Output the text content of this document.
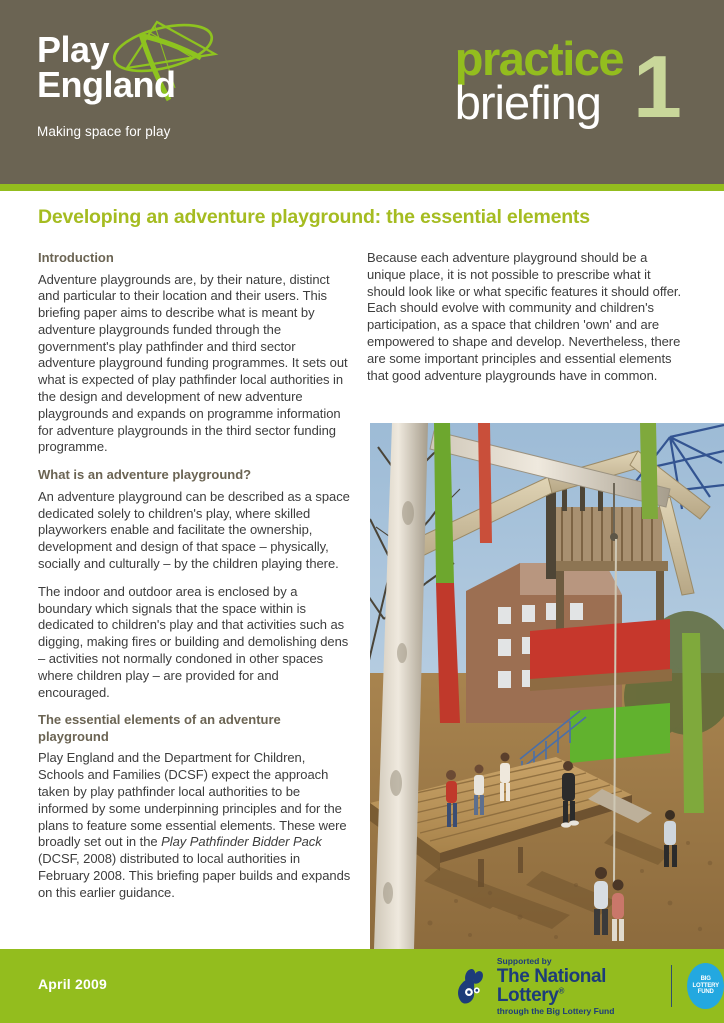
Play
England
Making space for play
practice
briefing 1
Developing an adventure playground: the essential elements
Introduction

Adventure playgrounds are, by their nature, distinct and particular to their location and their users. This briefing paper aims to describe what is meant by adventure playgrounds funded through the government's play pathfinder and third sector adventure playground funding programmes. It sets out what is expected of play pathfinder local authorities in the design and development of new adventure playgrounds and expands on programme information for adventure playgrounds in the third sector funding programme.

What is an adventure playground?

An adventure playground can be described as a space dedicated solely to children's play, where skilled playworkers enable and facilitate the ownership, development and design of that space – physically, socially and culturally – by the children playing there.

The indoor and outdoor area is enclosed by a boundary which signals that the space within is dedicated to children's play and that activities such as digging, making fires or building and demolishing dens – activities not normally condoned in other spaces where children play – are provided for and encouraged.

The essential elements of an adventure playground

Play England and the Department for Children, Schools and Families (DCSF) expect the approach taken by play pathfinder local authorities to be informed by some underpinning principles and for the plans to feature some essential elements. These were broadly set out in the Play Pathfinder Bidder Pack (DCSF, 2008) distributed to local authorities in February 2008. This briefing paper builds and expands on this earlier guidance.

Because each adventure playground should be a unique place, it is not possible to prescribe what it should look like or what specific features it should offer. Each should evolve with community and children's participation, as a space that children 'own' and are empowered to shape and develop. Nevertheless, there are some important principles and essential elements that good adventure playgrounds have in common.

April 2009
Supported by
The National Lottery®
through the Big Lottery Fund
BIG
LOTTERY
FUND
